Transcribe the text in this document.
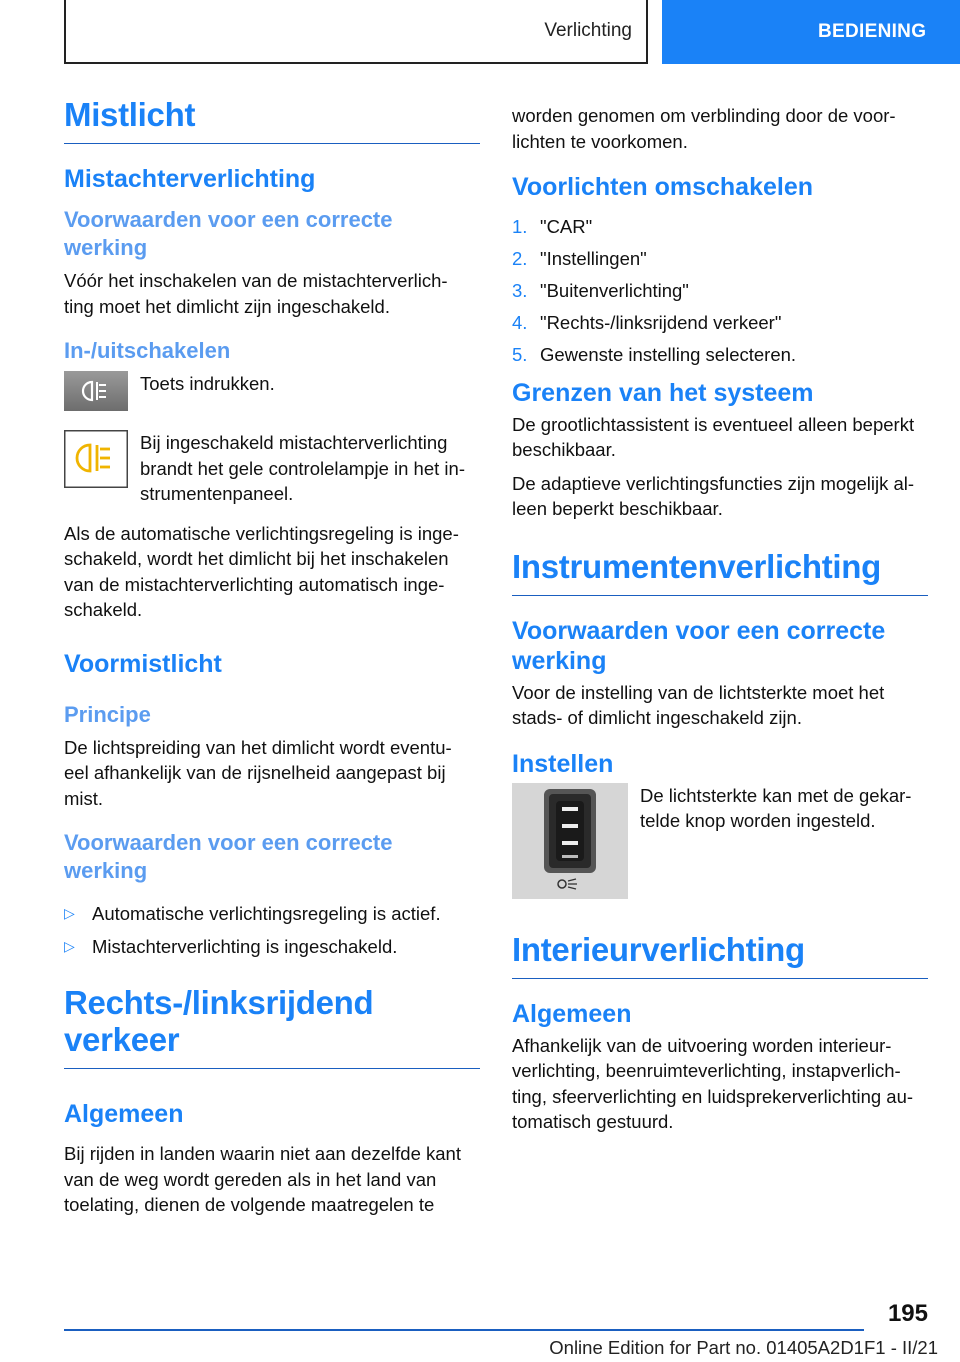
Verlichting	BEDIENING
Mistlicht
Mistachterverlichting
Voorwaarden voor een correcte werking
Vóór het inschakelen van de mistachterverlich- ting moet het dimlicht zijn ingeschakeld.
In-/uitschakelen
Toets indrukken.
Bij ingeschakeld mistachterverlichting brandt het gele controlelampje in het in- strumentenpaneel.
Als de automatische verlichtingsregeling is inge- schakeld, wordt het dimlicht bij het inschakelen van de mistachterverlichting automatisch inge- schakeld.
Voormistlicht
Principe
De lichtspreiding van het dimlicht wordt eventu- eel afhankelijk van de rijsnelheid aangepast bij mist.
Voorwaarden voor een correcte werking
▷ Automatische verlichtingsregeling is actief.
▷ Mistachterverlichting is ingeschakeld.
Rechts-/linksrijdend verkeer
Algemeen
Bij rijden in landen waarin niet aan dezelfde kant van de weg wordt gereden als in het land van toelating, dienen de volgende maatregelen te
worden genomen om verblinding door de voor- lichten te voorkomen.
Voorlichten omschakelen
1. "CAR"
2. "Instellingen"
3. "Buitenverlichting"
4. "Rechts-/linksrijdend verkeer"
5. Gewenste instelling selecteren.
Grenzen van het systeem
De grootlichtassistent is eventueel alleen beperkt beschikbaar.
De adaptieve verlichtingsfuncties zijn mogelijk al- leen beperkt beschikbaar.
Instrumentenverlichting
Voorwaarden voor een correcte werking
Voor de instelling van de lichtsterkte moet het stads- of dimlicht ingeschakeld zijn.
Instellen
De lichtsterkte kan met de gekar- telde knop worden ingesteld.
Interieurverlichting
Algemeen
Afhankelijk van de uitvoering worden interieur- verlichting, beenruimteverlichting, instapverlich- ting, sfeerverlichting en luidsprekerverlichting au- tomatisch gestuurd.
195
Online Edition for Part no. 01405A2D1F1 - II/21
